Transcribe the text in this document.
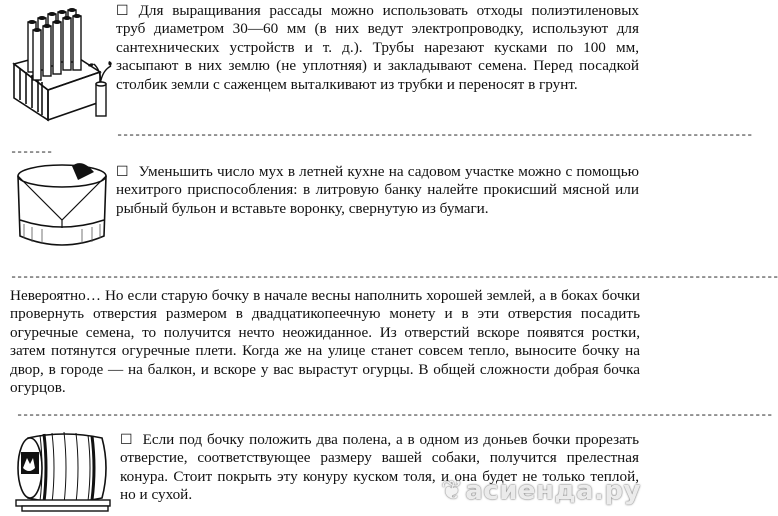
☐ Для выращивания рассады можно использовать отходы полиэтиленовых труб диаметром 30—60 мм (в них ведут электропроводку, используют для сантехнических устройств и т. д.). Трубы нарезают кусками по 100 мм, засыпают в них землю (не уплотняя) и закладывают семена. Перед посадкой столбик земли с саженцем выталкивают из трубки и переносят в грунт.
----------------------------------------------------------------------------------------------------------
-------
☐ Уменьшить число мух в летней кухне на садовом участке можно с помощью нехитрого приспособления: в литровую банку налейте прокисший мясной или рыбный бульон и вставьте воронку, свернутую из бумаги.
--------------------------------------------------------------------------------------------------------------------------------
Невероятно… Но если старую бочку в начале весны наполнить хорошей землей, а в боках бочки провернуть отверстия размером в двадцатикопеечную монету и в эти отверстия посадить огуречные семена, то получится нечто неожиданное. Из отверстий вскоре появятся ростки, затем потянутся огуречные плети. Когда же на улице станет совсем тепло, выносите бочку на двор, в городе — на балкон, и вскоре у вас вырастут огурцы. В общей сложности добрая бочка огурцов.
------------------------------------------------------------------------------------------------------------------------------
☐ Если под бочку положить два полена, а в одном из доньев бочки прорезать отверстие, соответствующее размеру вашей собаки, получится прелестная конура. Стоит покрыть эту конуру куском толя, и она будет не только теплой, но и сухой.	❦асиенда.ру
